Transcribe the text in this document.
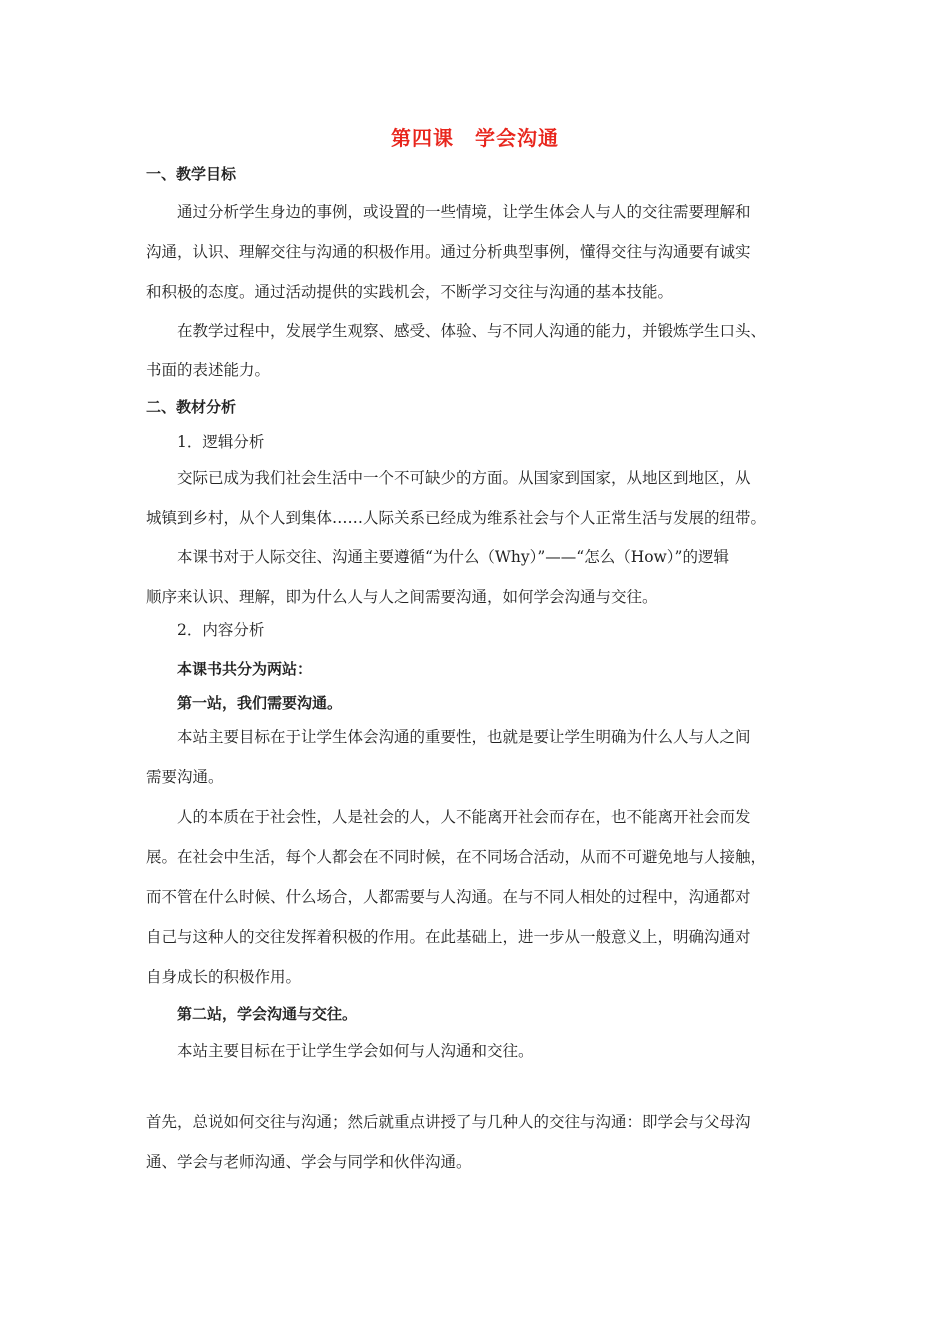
第四课　学会沟通
一、教学目标
通过分析学生身边的事例，或设置的一些情境，让学生体会人与人的交往需要理解和
沟通，认识、理解交往与沟通的积极作用。通过分析典型事例，懂得交往与沟通要有诚实
和积极的态度。通过活动提供的实践机会，不断学习交往与沟通的基本技能。
在教学过程中，发展学生观察、感受、体验、与不同人沟通的能力，并锻炼学生口头、
书面的表述能力。
二、教材分析
1．逻辑分析
交际已成为我们社会生活中一个不可缺少的方面。从国家到国家，从地区到地区，从
城镇到乡村，从个人到集体……人际关系已经成为维系社会与个人正常生活与发展的纽带。
本课书对于人际交往、沟通主要遵循“为什么（Why）”——“怎么（How）”的逻辑
顺序来认识、理解，即为什么人与人之间需要沟通，如何学会沟通与交往。
2．内容分析
本课书共分为两站：
第一站，我们需要沟通。
本站主要目标在于让学生体会沟通的重要性，也就是要让学生明确为什么人与人之间
需要沟通。
人的本质在于社会性，人是社会的人，人不能离开社会而存在，也不能离开社会而发
展。在社会中生活，每个人都会在不同时候，在不同场合活动，从而不可避免地与人接触，
而不管在什么时候、什么场合，人都需要与人沟通。在与不同人相处的过程中，沟通都对
自己与这种人的交往发挥着积极的作用。在此基础上，进一步从一般意义上，明确沟通对
自身成长的积极作用。
第二站，学会沟通与交往。
本站主要目标在于让学生学会如何与人沟通和交往。
首先，总说如何交往与沟通；然后就重点讲授了与几种人的交往与沟通：即学会与父母沟
通、学会与老师沟通、学会与同学和伙伴沟通。
